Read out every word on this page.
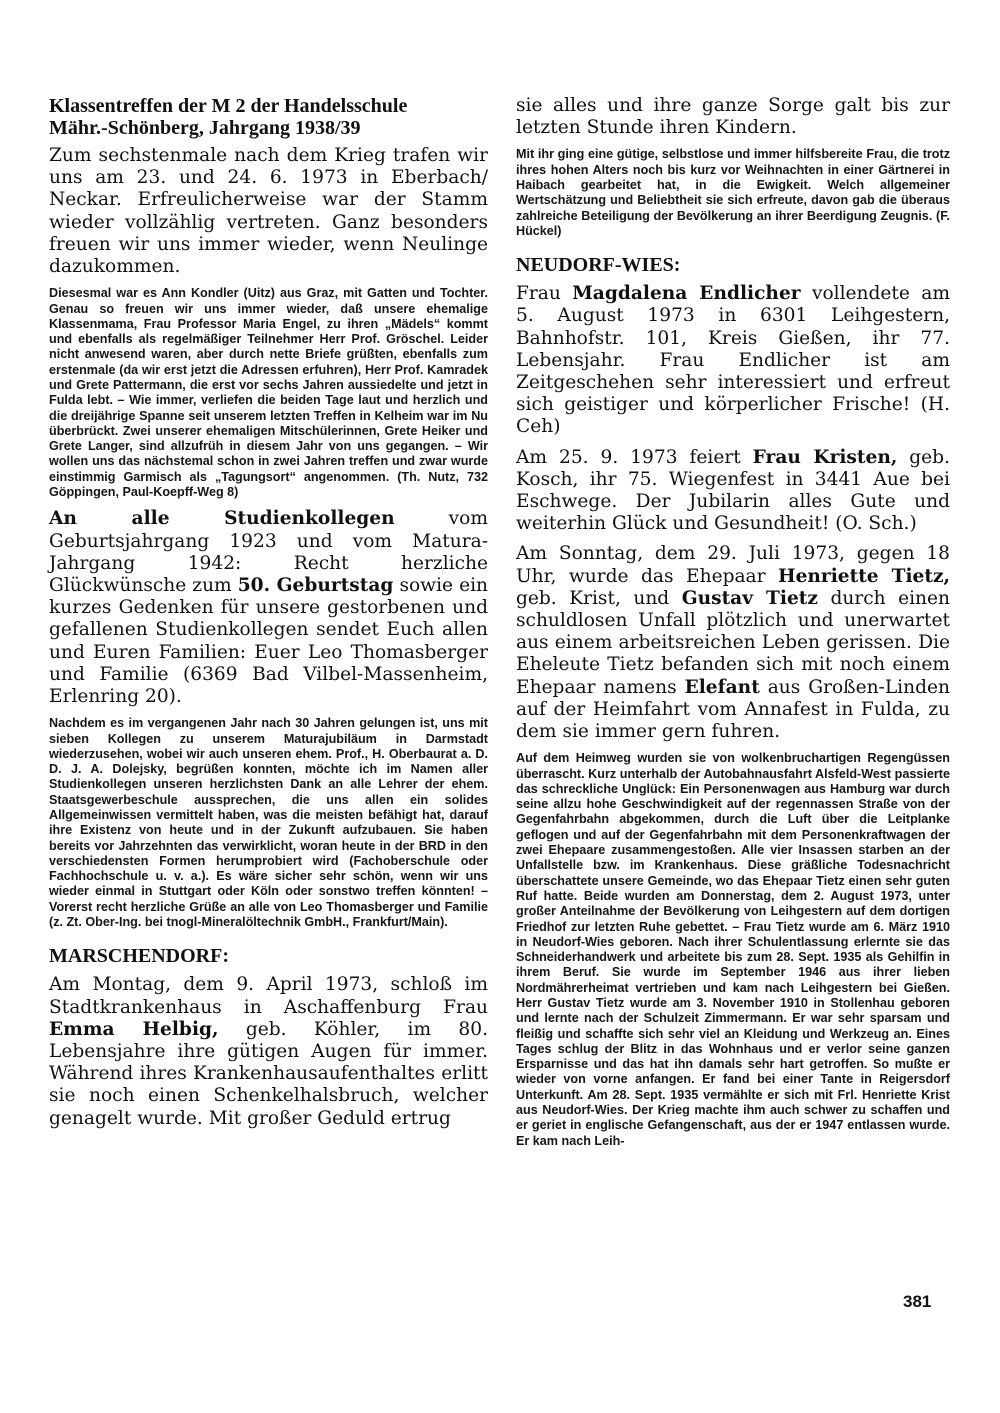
Klassentreffen der M 2 der Handelsschule
Mähr.-Schönberg, Jahrgang 1938/39

Zum sechstenmale nach dem Krieg trafen wir uns am 23. und 24. 6. 1973 in Eberbach/ Neckar. Erfreulicherweise war der Stamm wieder vollzählig vertreten. Ganz besonders freuen wir uns immer wieder, wenn Neulinge dazukommen.

Diesesmal war es Ann Kondler (Uitz) aus Graz, mit Gatten und Tochter. Genau so freuen wir uns immer wieder, daß unsere ehemalige Klassenmama, Frau Professor Maria Engel, zu ihren „Mädels“ kommt und ebenfalls als regelmäßiger Teilnehmer Herr Prof. Gröschel. Leider nicht anwesend waren, aber durch nette Briefe grüßten, ebenfalls zum erstenmale (da wir erst jetzt die Adressen erfuhren), Herr Prof. Kamradek und Grete Pattermann, die erst vor sechs Jahren aussiedelte und jetzt in Fulda lebt. – Wie immer, verliefen die beiden Tage laut und herzlich und die dreijährige Spanne seit unserem letzten Treffen in Kelheim war im Nu überbrückt. Zwei unserer ehemaligen Mitschülerinnen, Grete Heiker und Grete Langer, sind allzufrüh in diesem Jahr von uns gegangen. – Wir wollen uns das nächstemal schon in zwei Jahren treffen und zwar wurde einstimmig Garmisch als „Tagungsort“ angenommen. (Th. Nutz, 732 Göppingen, Paul-Koepff-Weg 8)

An alle Studienkollegen vom Geburtsjahrgang 1923 und vom Matura-Jahrgang 1942: Recht herzliche Glückwünsche zum 50. Geburtstag sowie ein kurzes Gedenken für unsere gestorbenen und gefallenen Studienkollegen sendet Euch allen und Euren Familien: Euer Leo Thomasberger und Familie (6369 Bad Vilbel-Massenheim, Erlenring 20).

Nachdem es im vergangenen Jahr nach 30 Jahren gelungen ist, uns mit sieben Kollegen zu unserem Maturajubiläum in Darmstadt wiederzusehen, wobei wir auch unseren ehem. Prof., H. Oberbaurat a. D. D. J. A. Dolejsky, begrüßen konnten, möchte ich im Namen aller Studienkollegen unseren herzlichsten Dank an alle Lehrer der ehem. Staatsgewerbeschule aussprechen, die uns allen ein solides Allgemeinwissen vermittelt haben, was die meisten befähigt hat, darauf ihre Existenz von heute und in der Zukunft aufzubauen. Sie haben bereits vor Jahrzehnten das verwirklicht, woran heute in der BRD in den verschiedensten Formen herumprobiert wird (Fachoberschule oder Fachhochschule u. v. a.). Es wäre sicher sehr schön, wenn wir uns wieder einmal in Stuttgart oder Köln oder sonstwo treffen könnten! – Vorerst recht herzliche Grüße an alle von Leo Thomasberger und Familie (z. Zt. Ober-Ing. bei tnogl-Mineralöltechnik GmbH., Frankfurt/Main).

MARSCHENDORF:

Am Montag, dem 9. April 1973, schloß im Stadtkrankenhaus in Aschaffenburg Frau Emma Helbig, geb. Köhler, im 80. Lebensjahre ihre gütigen Augen für immer. Während ihres Krankenhausaufenthaltes erlitt sie noch einen Schenkelhalsbruch, welcher genagelt wurde. Mit großer Geduld ertrug

sie alles und ihre ganze Sorge galt bis zur letzten Stunde ihren Kindern.

Mit ihr ging eine gütige, selbstlose und immer hilfsbereite Frau, die trotz ihres hohen Alters noch bis kurz vor Weihnachten in einer Gärtnerei in Haibach gearbeitet hat, in die Ewigkeit. Welch allgemeiner Wertschätzung und Beliebtheit sie sich erfreute, davon gab die überaus zahlreiche Beteiligung der Bevölkerung an ihrer Beerdigung Zeugnis. (F. Hückel)

NEUDORF-WIES:

Frau Magdalena Endlicher vollendete am 5. August 1973 in 6301 Leihgestern, Bahnhofstr. 101, Kreis Gießen, ihr 77. Lebensjahr. Frau Endlicher ist am Zeitgeschehen sehr interessiert und erfreut sich geistiger und körperlicher Frische! (H. Ceh)

Am 25. 9. 1973 feiert Frau Kristen, geb. Kosch, ihr 75. Wiegenfest in 3441 Aue bei Eschwege. Der Jubilarin alles Gute und weiterhin Glück und Gesundheit! (O. Sch.)

Am Sonntag, dem 29. Juli 1973, gegen 18 Uhr, wurde das Ehepaar Henriette Tietz, geb. Krist, und Gustav Tietz durch einen schuldlosen Unfall plötzlich und unerwartet aus einem arbeitsreichen Leben gerissen. Die Eheleute Tietz befanden sich mit noch einem Ehepaar namens Elefant aus Großen-Linden auf der Heimfahrt vom Annafest in Fulda, zu dem sie immer gern fuhren.

Auf dem Heimweg wurden sie von wolkenbruchartigen Regengüssen überrascht. Kurz unterhalb der Autobahnausfahrt Alsfeld-West passierte das schreckliche Unglück: Ein Personenwagen aus Hamburg war durch seine allzu hohe Geschwindigkeit auf der regennassen Straße von der Gegenfahrbahn abgekommen, durch die Luft über die Leitplanke geflogen und auf der Gegenfahrbahn mit dem Personenkraftwagen der zwei Ehepaare zusammengestoßen. Alle vier Insassen starben an der Unfallstelle bzw. im Krankenhaus. Diese gräßliche Todesnachricht überschattete unsere Gemeinde, wo das Ehepaar Tietz einen sehr guten Ruf hatte. Beide wurden am Donnerstag, dem 2. August 1973, unter großer Anteilnahme der Bevölkerung von Leihgestern auf dem dortigen Friedhof zur letzten Ruhe gebettet. – Frau Tietz wurde am 6. März 1910 in Neudorf-Wies geboren. Nach ihrer Schulentlassung erlernte sie das Schneiderhandwerk und arbeitete bis zum 28. Sept. 1935 als Gehilfin in ihrem Beruf. Sie wurde im September 1946 aus ihrer lieben Nordmährerheimat vertrieben und kam nach Leihgestern bei Gießen. Herr Gustav Tietz wurde am 3. November 1910 in Stollenhau geboren und lernte nach der Schulzeit Zimmermann. Er war sehr sparsam und fleißig und schaffte sich sehr viel an Kleidung und Werkzeug an. Eines Tages schlug der Blitz in das Wohnhaus und er verlor seine ganzen Ersparnisse und das hat ihn damals sehr hart getroffen. So mußte er wieder von vorne anfangen. Er fand bei einer Tante in Reigersdorf Unterkunft. Am 28. Sept. 1935 vermählte er sich mit Frl. Henriette Krist aus Neudorf-Wies. Der Krieg machte ihm auch schwer zu schaffen und er geriet in englische Gefangenschaft, aus der er 1947 entlassen wurde. Er kam nach Leih-

381
